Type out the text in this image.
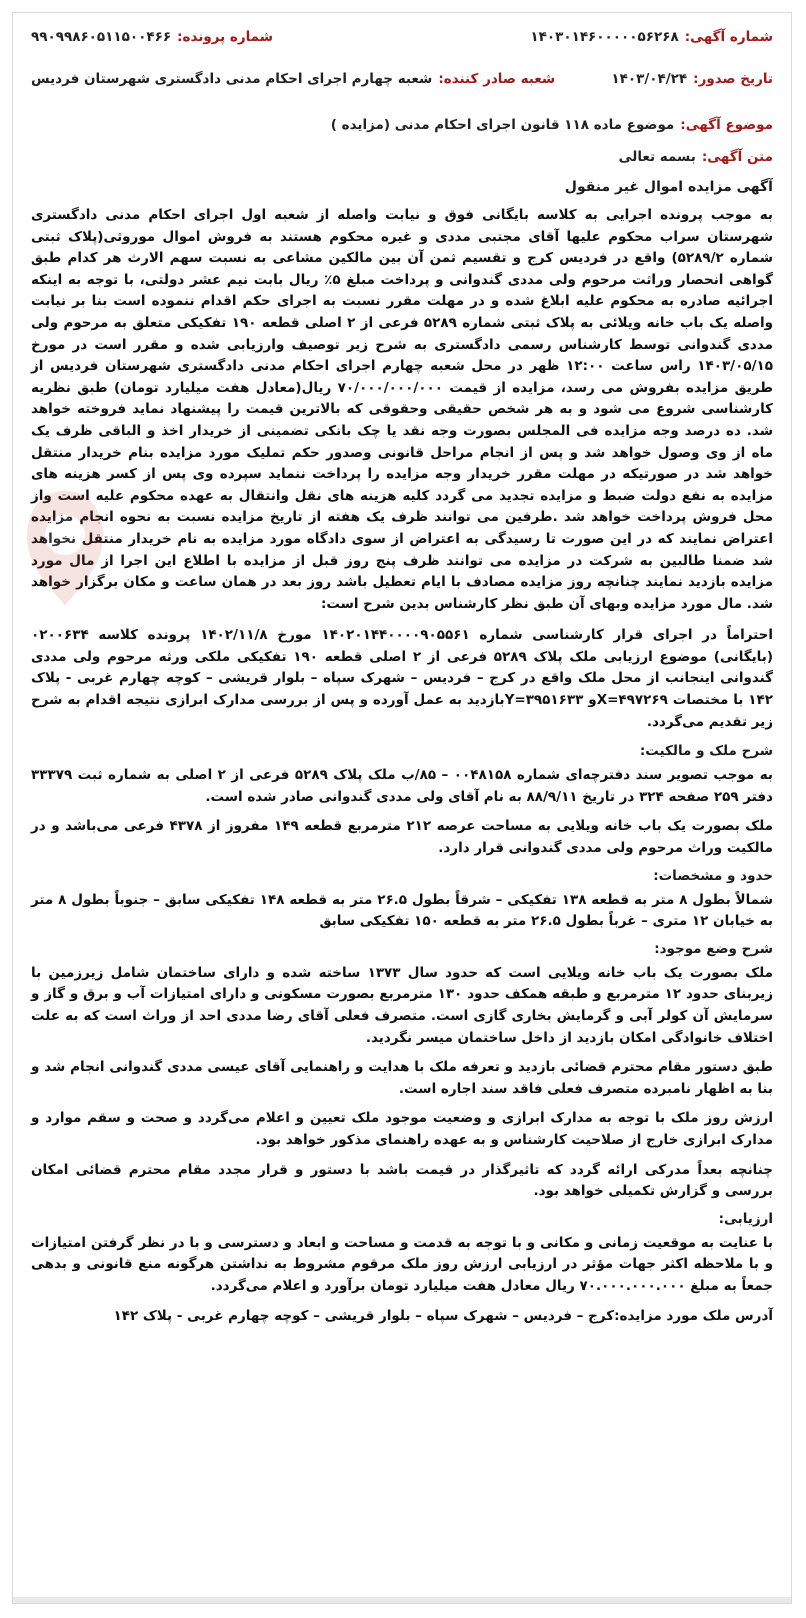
شماره آگهی:۱۴۰۳۰۱۴۶۰۰۰۰۰۵۶۲۶۸
شماره پرونده:۹۹۰۹۹۸۶۰۵۱۱۵۰۰۴۶۶
تاریخ صدور:۱۴۰۳/۰۴/۲۴
شعبه صادر کننده:شعبه چهارم اجرای احکام مدنی دادگستری شهرستان فردیس
موضوع آگهی:موضوع ماده ۱۱۸ قانون اجرای احکام مدنی (مزایده )
متن آگهی:بسمه تعالی
آگهی مزایده اموال غیر منقول

به موجب پرونده اجرایی به کلاسه بایگانی فوق و نیابت واصله از شعبه اول اجرای احکام مدنی دادگستری شهرستان سراب محکوم علیها آقای مجتبی مددی و غیره محکوم هستند به فروش اموال موروثی(پلاک ثبتی شماره ۵۲۸۹/۲) واقع در فردیس کرج و تقسیم ثمن آن بین مالکین مشاعی به نسبت سهم الارث هر کدام طبق گواهی انحصار وراثت مرحوم ولی مددی گندوانی و پرداخت مبلغ ۵٪ ریال بابت نیم عشر دولتی، با توجه به اینکه اجرائیه صادره به محکوم علیه ابلاغ شده و در مهلت مقرر نسبت به اجرای حکم اقدام ننموده است بنا بر نیابت واصله یک باب خانه ویلائی به پلاک ثبتی شماره ۵۲۸۹ فرعی از ۲ اصلی قطعه ۱۹۰ تفکیکی متعلق به مرحوم ولی مددی گندوانی توسط کارشناس رسمی دادگستری به شرح زیر توصیف وارزیابی شده و مقرر است در مورخ ۱۴۰۳/۰۵/۱۵ راس ساعت ۱۲:۰۰ ظهر در محل شعبه چهارم اجرای احکام مدنی دادگستری شهرستان فردیس از طریق مزایده بفروش می رسد، مزایده از قیمت ۷۰/۰۰۰/۰۰۰/۰۰۰ ریال(معادل هفت میلیارد تومان) طبق نظریه کارشناسی شروع می شود و به هر شخص حقیقی وحقوقی که بالاترین قیمت را پیشنهاد نماید فروخته خواهد شد. ده درصد وجه مزایده فی المجلس بصورت وجه نقد یا چک بانکی تضمینی از خریدار اخذ و الباقی ظرف یک ماه از وی وصول خواهد شد و پس از انجام مراحل قانونی وصدور حکم تملیک مورد مزایده بنام خریدار منتقل خواهد شد در صورتیکه در مهلت مقرر خریدار وجه مزایده را پرداخت ننماید سپرده وی پس از کسر هزینه های مزایده به نفع دولت ضبط و مزایده تجدید می گردد کلیه هزینه های نقل وانتقال به عهده محکوم علیه است واز محل فروش پرداخت خواهد شد .طرفین می توانند ظرف یک هفته از تاریخ مزایده نسبت به نحوه انجام مزایده اعتراض نمایند که در این صورت تا رسیدگی به اعتراض از سوی دادگاه مورد مزایده به نام خریدار منتقل نخواهد شد ضمنا طالبین به شرکت در مزایده می توانند ظرف پنج روز قبل از مزایده با اطلاع این اجرا از مال مورد مزایده بازدید نمایند چنانچه روز مزایده مصادف با ایام تعطیل باشد روز بعد در همان ساعت و مکان برگزار خواهد شد. مال مورد مزایده وبهای آن طبق نظر کارشناس بدین شرح است:

احتراماً در اجرای قرار کارشناسی شماره ۱۴۰۲۰۱۴۴۰۰۰۰۹۰۵۵۶۱ مورخ ۱۴۰۲/۱۱/۸ پرونده کلاسه ۰۲۰۰۶۳۴ (بایگانی) موضوع ارزیابی ملک پلاک ۵۲۸۹ فرعی از ۲ اصلی قطعه ۱۹۰ تفکیکی ملکی ورثه مرحوم ولی مددی گندوانی اینجانب از محل ملک واقع در کرج – فردیس – شهرک سپاه – بلوار قریشی – کوچه چهارم غربی - پلاک ۱۴۲ با مختصات X=۴۹۷۲۶۹و Y=۳۹۵۱۶۳۳بازدید به عمل آورده و پس از بررسی مدارک ابرازی نتیجه اقدام به شرح زیر تقدیم می‌گردد.

شرح ملک و مالکیت:

به موجب تصویر سند دفترچه‌ای شماره ۰۰۴۸۱۵۸ – ۸۵/ب ملک پلاک ۵۲۸۹ فرعی از ۲ اصلی به شماره ثبت ۳۳۳۷۹ دفتر ۲۵۹ صفحه ۳۲۴ در تاریخ ۸۸/۹/۱۱ به نام آقای ولی مددی گندوانی صادر شده است.

ملک بصورت یک باب خانه ویلایی به مساحت عرصه ۲۱۲ مترمربع قطعه ۱۴۹ مفروز از ۴۳۷۸ فرعی می‌باشد و در مالکیت وراث مرحوم ولی مددی گندوانی قرار دارد.

حدود و مشخصات:

شمالاً بطول ۸ متر به قطعه ۱۳۸ تفکیکی – شرقاً بطول ۲۶.۵ متر به قطعه ۱۴۸ تفکیکی سابق – جنوباً بطول ۸ متر به خیابان ۱۲ متری – غرباً بطول ۲۶.۵ متر به قطعه ۱۵۰ تفکیکی سابق

شرح وضع موجود:

ملک بصورت یک باب خانه ویلایی است که حدود سال ۱۳۷۳ ساخته شده و دارای ساختمان شامل زیرزمین با زیربنای حدود ۱۲ مترمربع و طبقه همکف حدود ۱۳۰ مترمربع بصورت مسکونی و دارای امتیازات آب و برق و گاز و سرمایش آن کولر آبی و گرمایش بخاری گازی است. متصرف فعلی آقای رضا مددی احد از وراث است که به علت اختلاف خانوادگی امکان بازدید از داخل ساختمان میسر نگردید.

طبق دستور مقام محترم قضائی بازدید و تعرفه ملک با هدایت و راهنمایی آقای عیسی مددی گندوانی انجام شد و بنا به اظهار نامبرده متصرف فعلی فاقد سند اجاره است.

ارزش روز ملک با توجه به مدارک ابرازی و وضعیت موجود ملک تعیین و اعلام می‌گردد و صحت و سقم موارد و مدارک ابرازی خارج از صلاحیت کارشناس و به عهده راهنمای مذکور خواهد بود.

چنانچه بعداً مدرکی ارائه گردد که تاثیرگذار در قیمت باشد با دستور و قرار مجدد مقام محترم قضائی امکان بررسی و گزارش تکمیلی خواهد بود.

ارزیابی:

با عنایت به موقعیت زمانی و مکانی و با توجه به قدمت و مساحت و ابعاد و دسترسی و با در نظر گرفتن امتیازات و با ملاحظه اکثر جهات مؤثر در ارزیابی ارزش روز ملک مرقوم مشروط به نداشتن هرگونه منع قانونی و بدهی جمعاً به مبلغ ۷۰.۰۰۰.۰۰۰.۰۰۰ ریال معادل هفت میلیارد تومان برآورد و اعلام می‌گردد.

آدرس ملک مورد مزایده:کرج – فردیس – شهرک سپاه – بلوار قریشی – کوچه چهارم غربی - پلاک ۱۴۲
